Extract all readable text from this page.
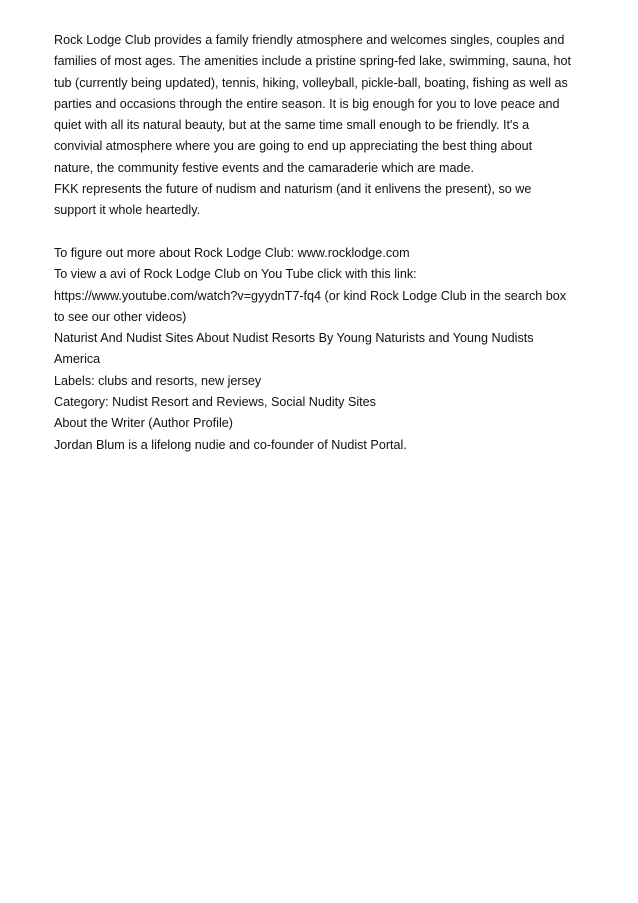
Rock Lodge Club provides a family friendly atmosphere and welcomes singles, couples and
families of most ages. The amenities include a pristine spring-fed lake, swimming, sauna, hot
tub (currently being updated), tennis, hiking, volleyball, pickle-ball, boating, fishing as well as
parties and occasions through the entire season. It is big enough for you to love peace and
quiet with all its natural beauty, but at the same time small enough to be friendly. It's a
convivial atmosphere where you are going to end up appreciating the best thing about
nature, the community festive events and the camaraderie which are made.

FKK represents the future of nudism and naturism (and it enlivens the present), so we
support it whole heartedly.

To figure out more about Rock Lodge Club: www.rocklodge.com

To view a avi of Rock Lodge Club on You Tube click with this link:
https://www.youtube.com/watch?v=gyydnT7-fq4 (or kind Rock Lodge Club in the search box
to see our other videos)

Naturist And Nudist Sites About Nudist Resorts By Young Naturists and Young Nudists
America

Labels: clubs and resorts, new jersey

Category: Nudist Resort and Reviews, Social Nudity Sites

About the Writer (Author Profile)

Jordan Blum is a lifelong nudie and co-founder of Nudist Portal.
